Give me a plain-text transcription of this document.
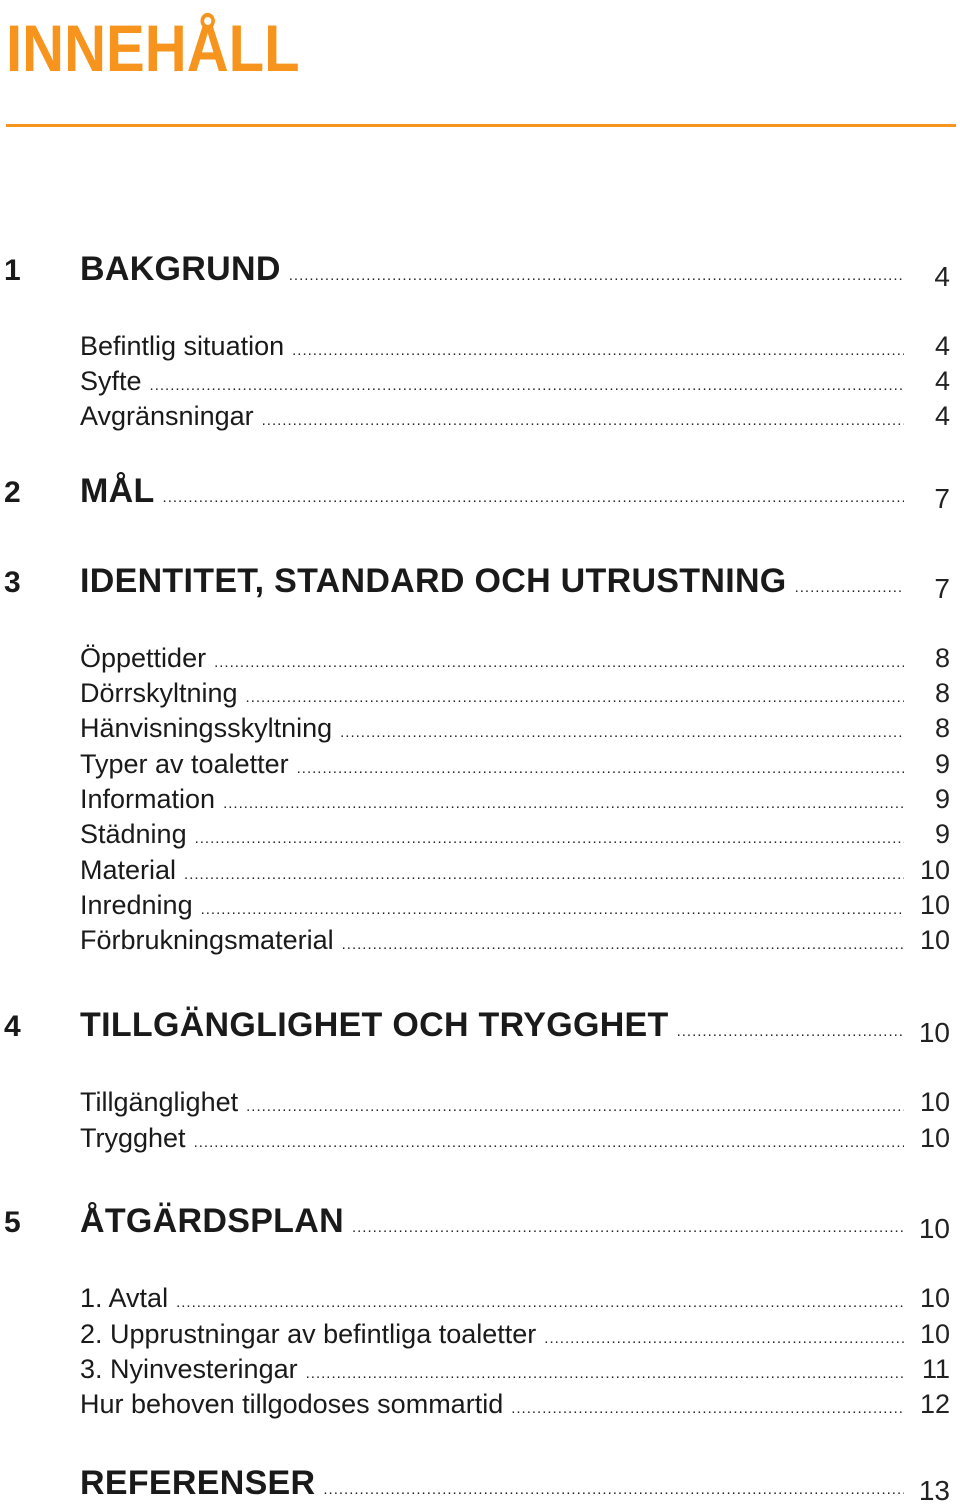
INNEHÅLL
1	BAKGRUND .....	4
Befintlig situation .....	4
Syfte .....	4
Avgränsningar .....	4
2	MÅL .....	7
3	IDENTITET, STANDARD OCH UTRUSTNING .....	7
Öppettider .....	8
Dörrskyltning .....	8
Hänvisningsskyltning .....	8
Typer av toaletter .....	9
Information .....	9
Städning .....	9
Material .....	10
Inredning .....	10
Förbrukningsmaterial .....	10
4	TILLGÄNGLIGHET OCH TRYGGHET .....	10
Tillgänglighet .....	10
Trygghet .....	10
5	ÅTGÄRDSPLAN .....	10
1. Avtal .....	10
2. Upprustningar av befintliga toaletter .....	10
3. Nyinvesteringar .....	11
Hur behoven tillgodoses sommartid .....	12
REFERENSER .....	13
